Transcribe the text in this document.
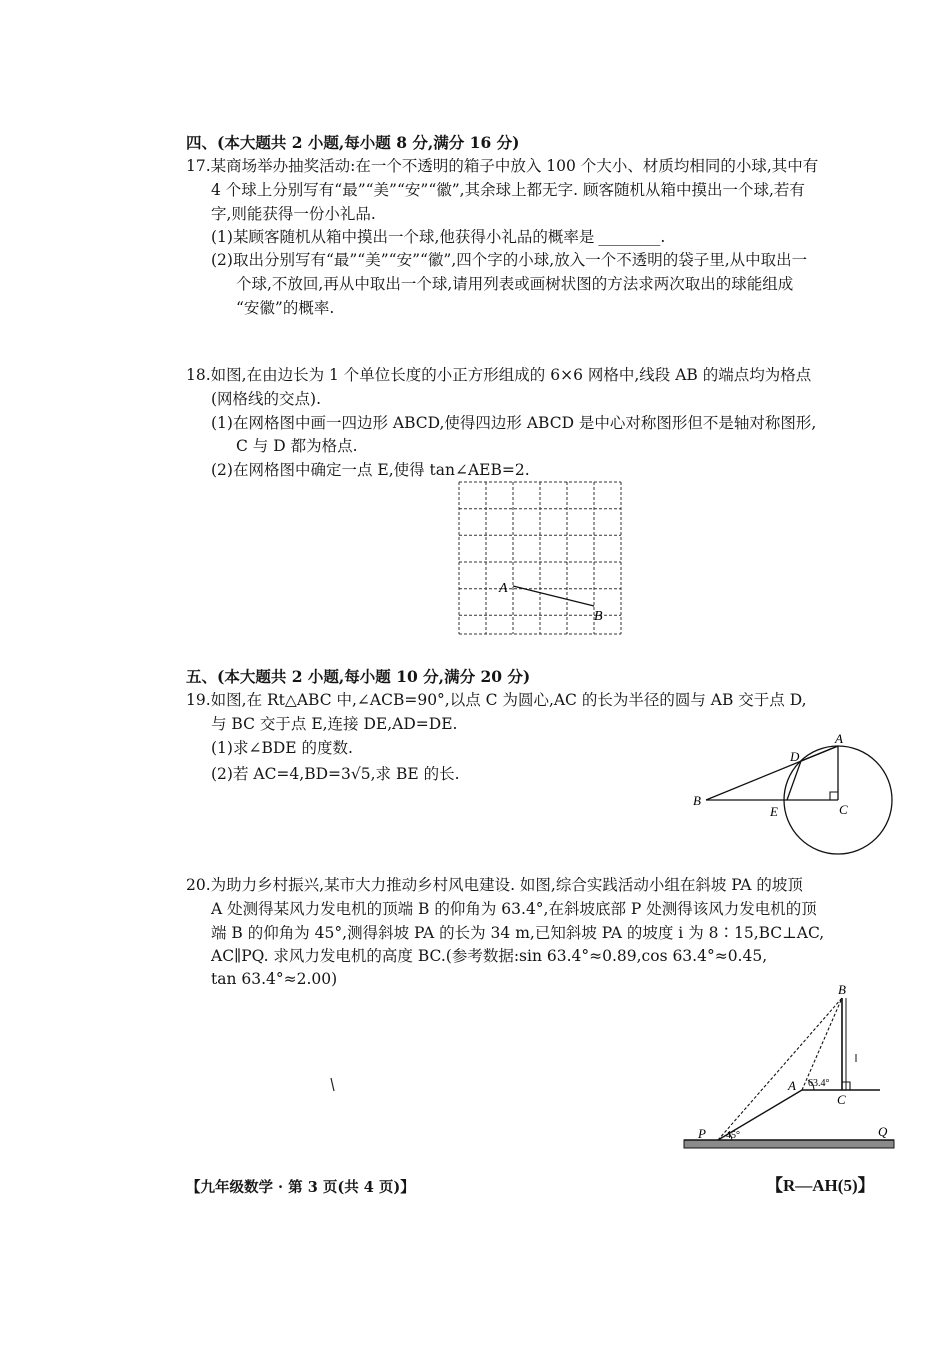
四、(本大题共 2 小题,每小题 8 分,满分 16 分)
17.某商场举办抽奖活动:在一个不透明的箱子中放入 100 个大小、材质均相同的小球,其中有
4 个球上分别写有“最”“美”“安”“徽”,其余球上都无字. 顾客随机从箱中摸出一个球,若有
字,则能获得一份小礼品.
(1)某顾客随机从箱中摸出一个球,他获得小礼品的概率是 ________.
(2)取出分别写有“最”“美”“安”“徽”,四个字的小球,放入一个不透明的袋子里,从中取出一
个球,不放回,再从中取出一个球,请用列表或画树状图的方法求两次取出的球能组成
“安徽”的概率.
18.如图,在由边长为 1 个单位长度的小正方形组成的 6×6 网格中,线段 AB 的端点均为格点
(网格线的交点).
(1)在网格图中画一四边形 ABCD,使得四边形 ABCD 是中心对称图形但不是轴对称图形,
C 与 D 都为格点.
(2)在网格图中确定一点 E,使得 tan∠AEB=2.
A
B
五、(本大题共 2 小题,每小题 10 分,满分 20 分)
19.如图,在 Rt△ABC 中,∠ACB=90°,以点 C 为圆心,AC 的长为半径的圆与 AB 交于点 D,
与 BC 交于点 E,连接 DE,AD=DE.
(1)求∠BDE 的度数.
(2)若 AC=4,BD=3√5,求 BE 的长.
A
D
B
E	C
20.为助力乡村振兴,某市大力推动乡村风电建设. 如图,综合实践活动小组在斜坡 PA 的坡顶
A 处测得某风力发电机的顶端 B 的仰角为 63.4°,在斜坡底部 P 处测得该风力发电机的顶
端 B 的仰角为 45°,测得斜坡 PA 的长为 34 m,已知斜坡 PA 的坡度 i 为 8∶15,BC⊥AC,
AC∥PQ. 求风力发电机的高度 BC.(参考数据:sin 63.4°≈0.89,cos 63.4°≈0.45,
tan 63.4°≈2.00)
B
A
C
P	Q
63.4°
45°
【九年级数学 · 第 3 页(共 4 页)】	【R—AH(5)】
